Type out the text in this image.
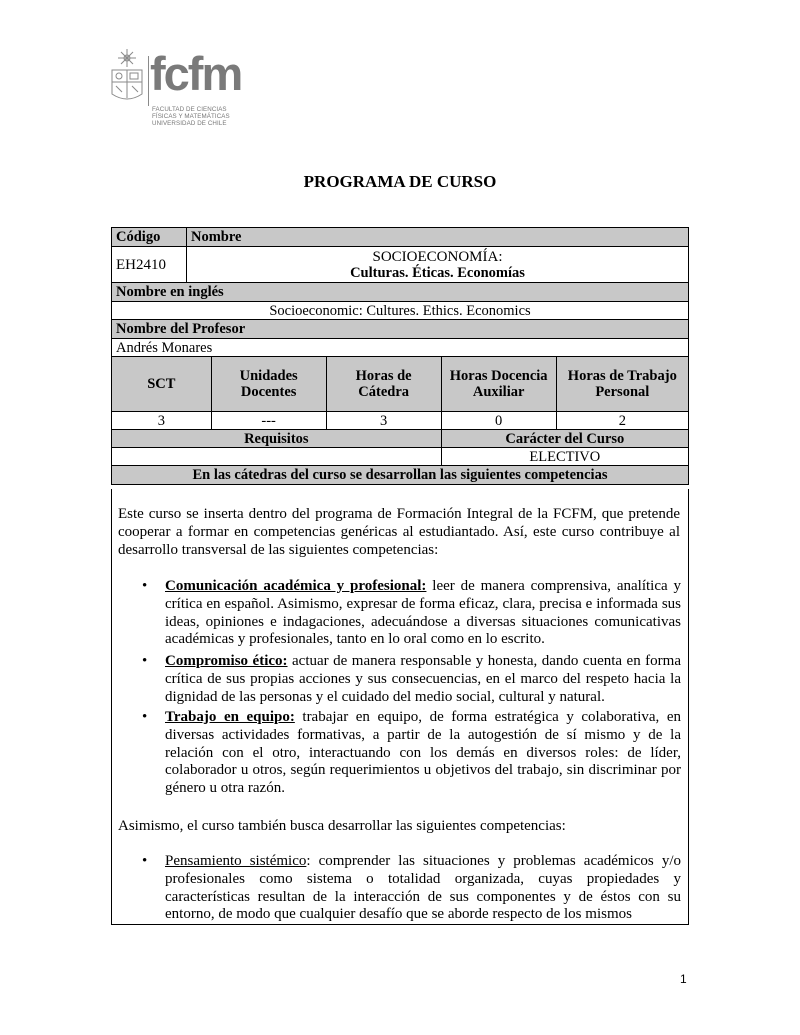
fcfm
FACULTAD DE CIENCIAS
FÍSICAS Y MATEMÁTICAS
UNIVERSIDAD DE CHILE
PROGRAMA DE CURSO
Código	Nombre				
EH2410	SOCIOECONOMÍA:
Culturas. Éticas. Economías				

Nombre en inglés					
Socioeconomic: Cultures. Ethics. Economics					
Nombre del Profesor					
Andrés Monares					
SCT		Unidades Docentes	Horas de Cátedra	Horas Docencia Auxiliar	Horas de Trabajo Personal
3		---	3	0	2
Requisitos				Carácter del Curso	
				ELECTIVO	
En las cátedras del curso se desarrollan las siguientes competencias					
Este curso se inserta dentro del programa de Formación Integral de la FCFM, que pretende cooperar a formar en competencias genéricas al estudiantado. Así, este curso contribuye al desarrollo transversal de las siguientes competencias:
• Comunicación académica y profesional: leer de manera comprensiva, analítica y crítica en español. Asimismo, expresar de forma eficaz, clara, precisa e informada sus ideas, opiniones e indagaciones, adecuándose a diversas situaciones comunicativas académicas y profesionales, tanto en lo oral como en lo escrito.
• Compromiso ético: actuar de manera responsable y honesta, dando cuenta en forma crítica de sus propias acciones y sus consecuencias, en el marco del respeto hacia la dignidad de las personas y el cuidado del medio social, cultural y natural.
• Trabajo en equipo: trabajar en equipo, de forma estratégica y colaborativa, en diversas actividades formativas, a partir de la autogestión de sí mismo y de la relación con el otro, interactuando con los demás en diversos roles: de líder, colaborador u otros, según requerimientos u objetivos del trabajo, sin discriminar por género u otra razón.
Asimismo, el curso también busca desarrollar las siguientes competencias:
• Pensamiento sistémico: comprender las situaciones y problemas académicos y/o profesionales como sistema o totalidad organizada, cuyas propiedades y características resultan de la interacción de sus componentes y de éstos con su entorno, de modo que cualquier desafío que se aborde respecto de los mismos
1
